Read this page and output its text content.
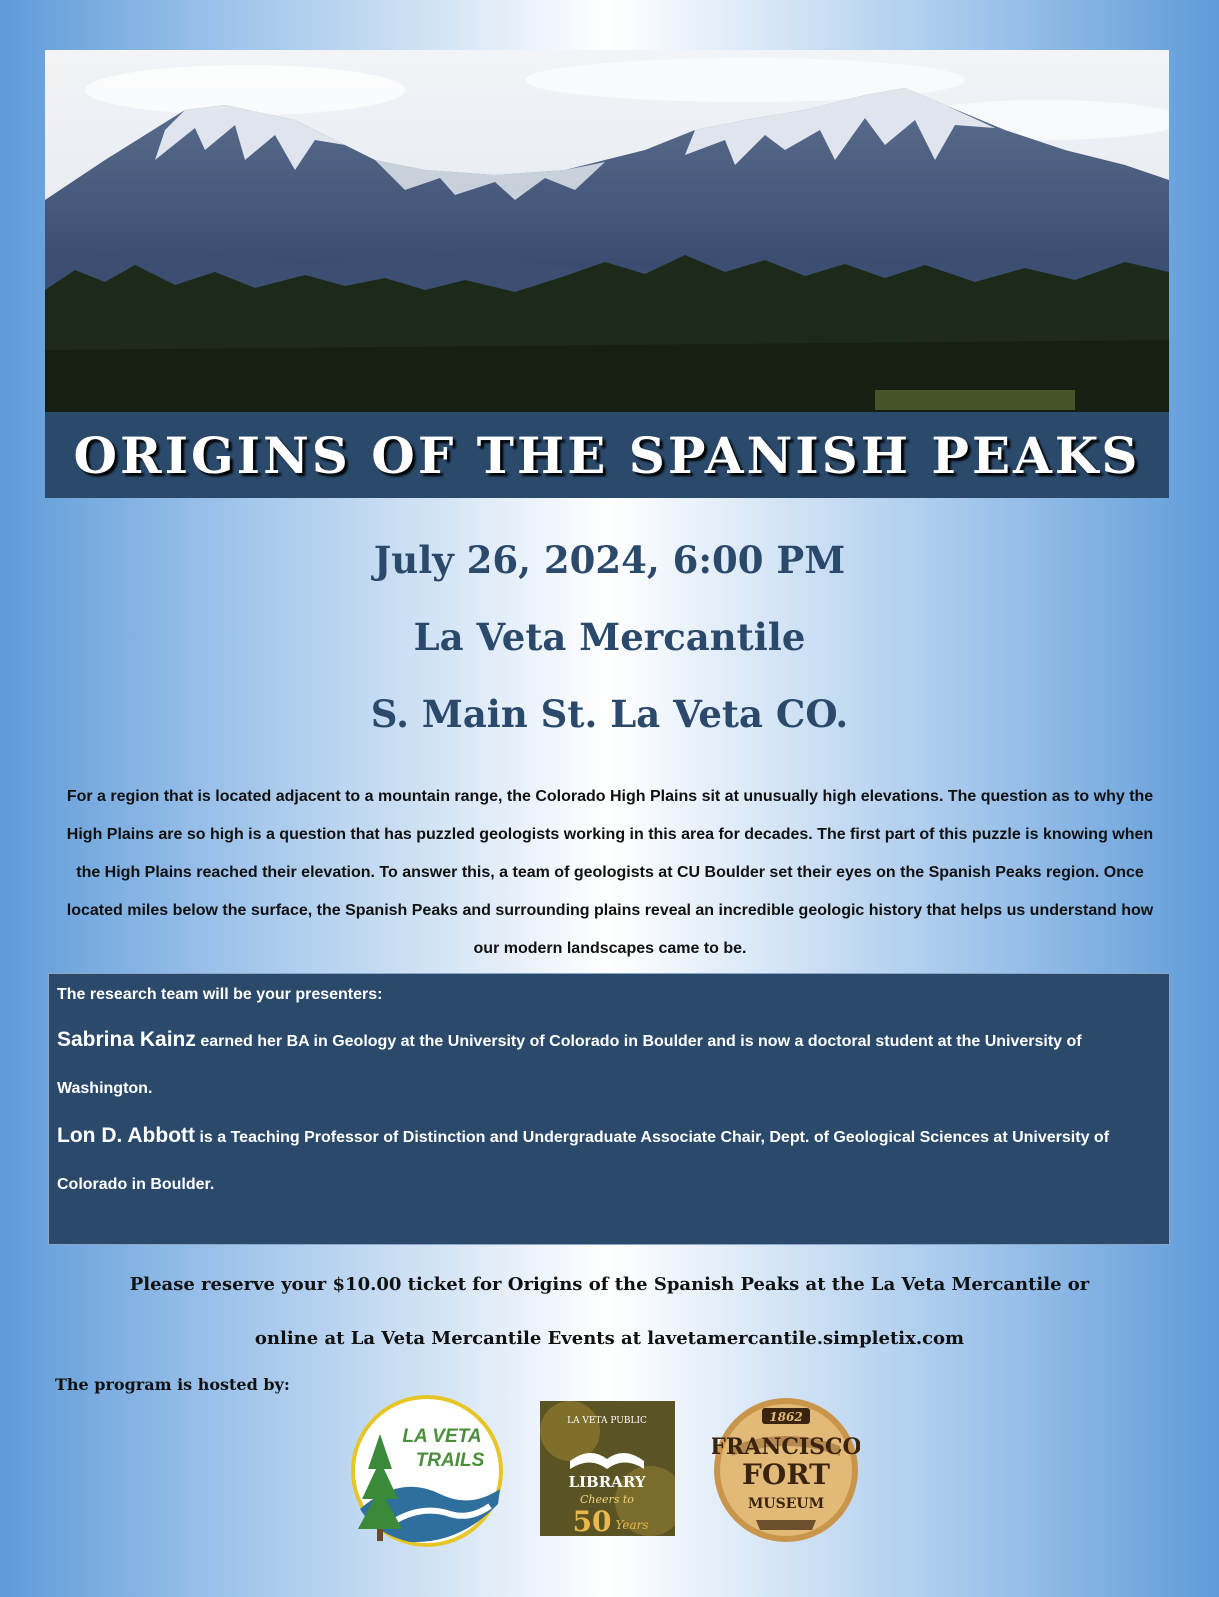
ORIGINS OF THE SPANISH PEAKS
July 26, 2024, 6:00 PM
La Veta Mercantile
S. Main St. La Veta CO.

For a region that is located adjacent to a mountain range, the Colorado High Plains sit at unusually high elevations. The question as to why the High Plains are so high is a question that has puzzled geologists working in this area for decades. The first part of this puzzle is knowing when the High Plains reached their elevation. To answer this, a team of geologists at CU Boulder set their eyes on the Spanish Peaks region. Once located miles below the surface, the Spanish Peaks and surrounding plains reveal an incredible geologic history that helps us understand how our modern landscapes came to be.

The research team will be your presenters:

Sabrina Kainz earned her BA in Geology at the University of Colorado in Boulder and is now a doctoral student at the University of Washington.

Lon D. Abbott is a Teaching Professor of Distinction and Undergraduate Associate Chair, Dept. of Geological Sciences at University of Colorado in Boulder.

Please reserve your $10.00 ticket for Origins of the Spanish Peaks at the La Veta Mercantile or
online at La Veta Mercantile Events at lavetamercantile.simpletix.com
The program is hosted by:
LA VETA
TRAILS
LA VETA PUBLIC
LIBRARY
Cheers to
50 Years
1862
FRANCISCO
FORT
MUSEUM
